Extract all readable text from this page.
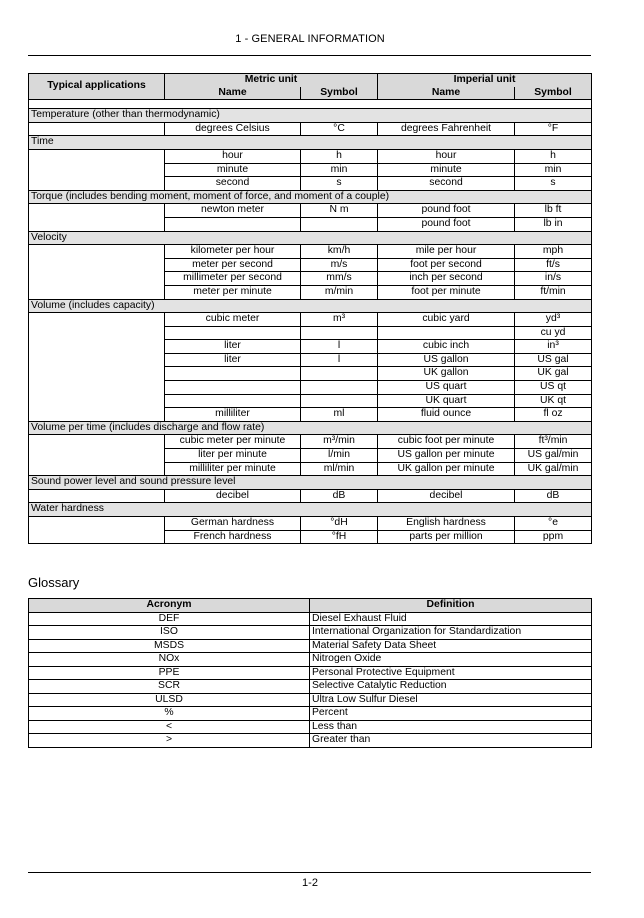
1 - GENERAL INFORMATION
Typical applications	Metric unit		Imperial unit	
	Name	Symbol	Name	Symbol

Temperature (other than thermodynamic)				
	degrees Celsius	°C	degrees Fahrenheit	°F
Time				
	hour	h	hour	h
	minute	min	minute	min
	second	s	second	s
Torque (includes bending moment, moment of force, and moment of a couple)				
	newton meter	N m	pound foot	lb ft
			pound foot	lb in
Velocity				
	kilometer per hour	km/h	mile per hour	mph
	meter per second	m/s	foot per second	ft/s
	millimeter per second	mm/s	inch per second	in/s
	meter per minute	m/min	foot per minute	ft/min
Volume (includes capacity)				
	cubic meter	m³	cubic yard	yd³
				cu yd
	liter	l	cubic inch	in³
	liter	l	US gallon	US gal
			UK gallon	UK gal
			US quart	US qt
			UK quart	UK qt
	milliliter	ml	fluid ounce	fl oz
Volume per time (includes discharge and flow rate)				
	cubic meter per minute	m³/min	cubic foot per minute	ft³/min
	liter per minute	l/min	US gallon per minute	US gal/min
	milliliter per minute	ml/min	UK gallon per minute	UK gal/min
Sound power level and sound pressure level				
	decibel	dB	decibel	dB
Water hardness				
	German hardness	°dH	English hardness	°e
	French hardness	°fH	parts per million	ppm
Glossary
Acronym	Definition
DEF	Diesel Exhaust Fluid
ISO	International Organization for Standardization
MSDS	Material Safety Data Sheet
NOx	Nitrogen Oxide
PPE	Personal Protective Equipment
SCR	Selective Catalytic Reduction
ULSD	Ultra Low Sulfur Diesel
%	Percent
<	Less than
>	Greater than
1-2
